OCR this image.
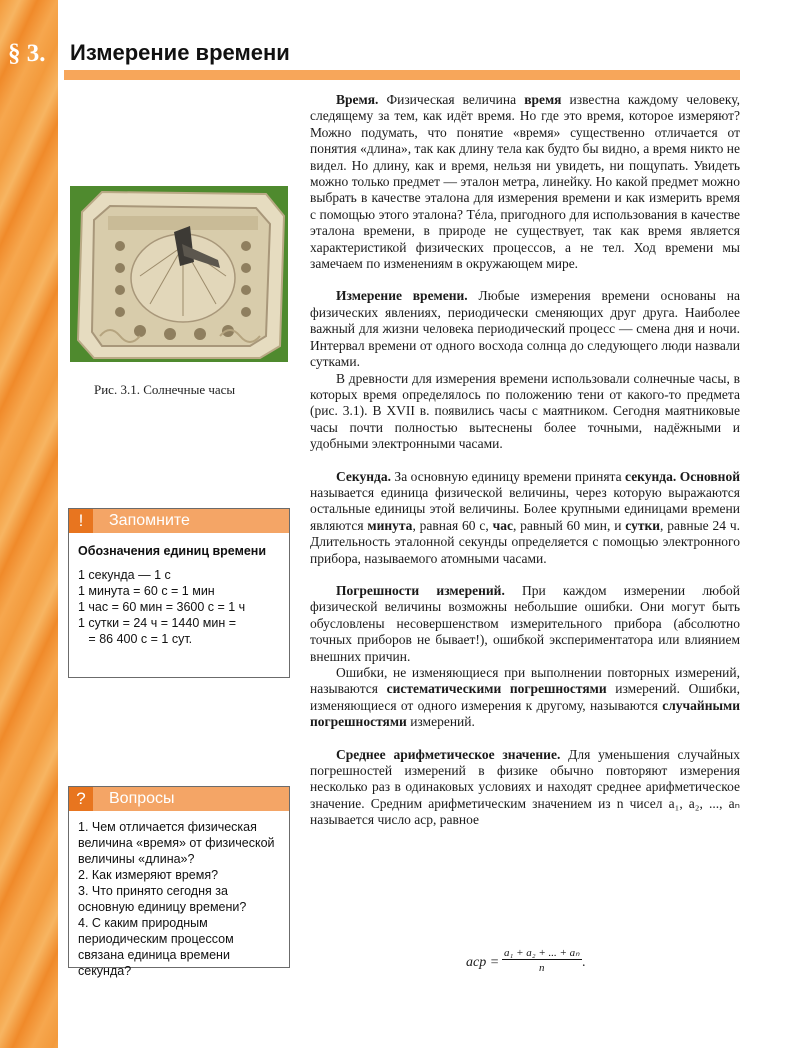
§ 3. Измерение времени
Рис. 3.1. Солнечные часы
!	Запомните
Обозначения единиц времени
1 секунда — 1 с
1 минута = 60 с = 1 мин
1 час = 60 мин = 3600 с = 1 ч
1 сутки = 24 ч = 1440 мин =
= 86 400 с = 1 сут.
?	Вопросы
1. Чем отличается физическая величина «время» от физической величины «длина»?
2. Как измеряют время?
3. Что принято сегодня за основную единицу времени?
4. С каким природным периодическим процессом связана единица времени секунда?

Время. Физическая величина время известна каждому человеку, следящему за тем, как идёт время. Но где это время, которое измеряют? Можно подумать, что понятие «время» существенно отличается от понятия «длина», так как длину тела как будто бы видно, а время никто не видел. Но длину, как и время, нельзя ни увидеть, ни пощупать. Увидеть можно только предмет — эталон метра, линейку. Но какой предмет можно выбрать в качестве эталона для измерения времени и как измерить время с помощью этого эталона? Тéла, пригодного для использования в качестве эталона времени, в природе не существует, так как время является характеристикой физических процессов, а не тел. Ход времени мы замечаем по изменениям в окружающем мире.

Измерение времени. Любые измерения времени основаны на физических явлениях, периодически сменяющих друг друга. Наиболее важный для жизни человека периодический процесс — смена дня и ночи. Интервал времени от одного восхода солнца до следующего люди назвали сутками.

В древности для измерения времени использовали солнечные часы, в которых время определялось по положению тени от какого-то предмета (рис. 3.1). В XVII в. появились часы с маятником. Сегодня маятниковые часы почти полностью вытеснены более точными, надёжными и удобными электронными часами.

Секунда. За основную единицу времени принята секунда. Основной называется единица физической величины, через которую выражаются остальные единицы этой величины. Более крупными единицами времени являются минута, равная 60 с, час, равный 60 мин, и сутки, равные 24 ч. Длительность эталонной секунды определяется с помощью электронного прибора, называемого атомными часами.

Погрешности измерений. При каждом измерении любой физической величины возможны небольшие ошибки. Они могут быть обусловлены несовершенством измерительного прибора (абсолютно точных приборов не бывает!), ошибкой экспериментатора или влиянием внешних причин.

Ошибки, не изменяющиеся при выполнении повторных измерений, называются систематическими погрешностями измерений. Ошибки, изменяющиеся от одного измерения к другому, называются случайными погрешностями измерений.

Среднее арифметическое значение. Для уменьшения случайных погрешностей измерений в физике обычно повторяют измерения несколько раз в одинаковых условиях и находят среднее арифметическое значение. Средним арифметическим значением из n чисел a₁, a₂, ..., aₙ называется число aср, равное

aср = $\frac{\text{a₁ + a₂ + ... + aₙ}}{n}$ .
